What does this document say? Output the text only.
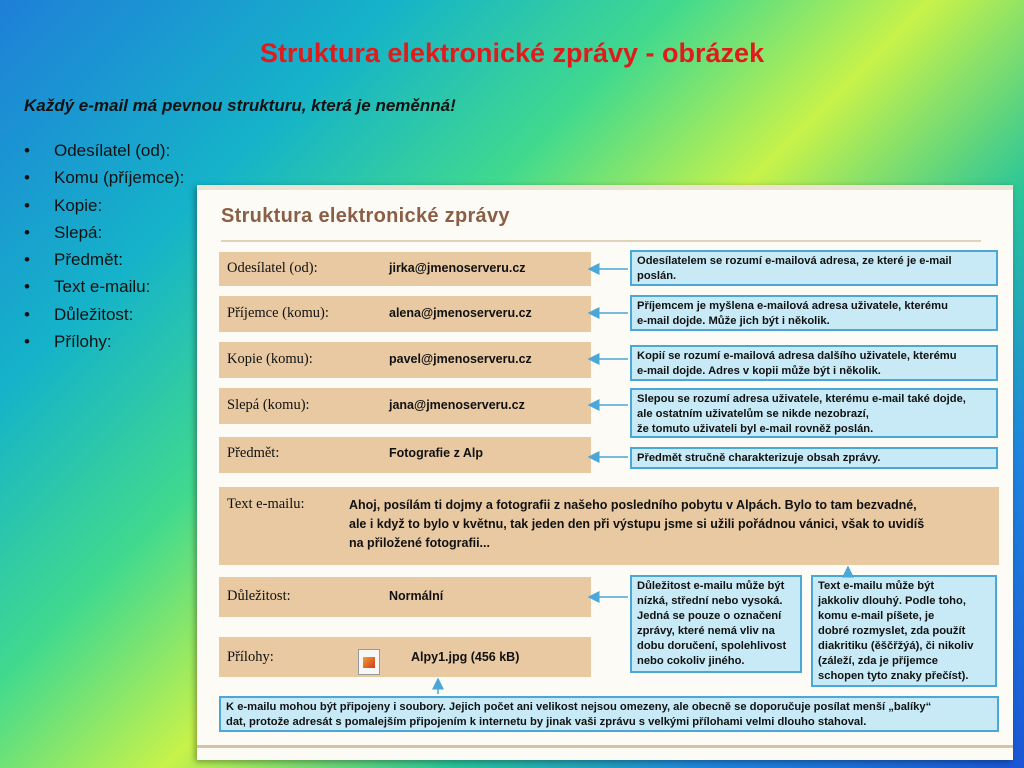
Struktura elektronické zprávy - obrázek
Každý e-mail má pevnou strukturu, která je neměnná!
• Odesílatel (od):
• Komu (příjemce):
• Kopie:
• Slepá:
• Předmět:
• Text e-mailu:
• Důležitost:
• Přílohy:
Struktura elektronické zprávy
Odesílatel (od):	jirka@jmenoserveru.cz
Příjemce (komu):	alena@jmenoserveru.cz
Kopie (komu):	pavel@jmenoserveru.cz
Slepá (komu):	jana@jmenoserveru.cz
Předmět:	Fotografie z Alp
Text e-mailu:	Ahoj, posílám ti dojmy a fotografii z našeho posledního pobytu v Alpách. Bylo to tam bezvadné,
ale i když to bylo v květnu, tak jeden den při výstupu jsme si užili pořádnou vánici, však to uvidíš
na přiložené fotografii...

Důležitost:	Normální
Přílohy:	Alpy1.jpg (456 kB)
Odesílatelem se rozumí e-mailová adresa, ze které je e-mail
poslán.
Příjemcem je myšlena e-mailová adresa uživatele, kterému
e-mail dojde. Může jich být i několik.
Kopií se rozumí e-mailová adresa dalšího uživatele, kterému
e-mail dojde. Adres v kopii může být i několik.
Slepou se rozumí adresa uživatele, kterému e-mail také dojde,
ale ostatním uživatelům se nikde nezobrazí,
že tomuto uživateli byl e-mail rovněž poslán.
Předmět stručně charakterizuje obsah zprávy.
Důležitost e-mailu může být
nízká, střední nebo vysoká.
Jedná se pouze o označení
zprávy, které nemá vliv na
dobu doručení, spolehlivost
nebo cokoliv jiného.
Text e-mailu může být
jakkoliv dlouhý. Podle toho,
komu e-mail píšete, je
dobré rozmyslet, zda použít
diakritiku (ěščřžýá), či nikoliv
(záleží, zda je příjemce
schopen tyto znaky přečíst).
K e-mailu mohou být připojeny i soubory. Jejich počet ani velikost nejsou omezeny, ale obecně se doporučuje posílat menší „balíky“
dat, protože adresát s pomalejším připojením k internetu by jinak vaši zprávu s velkými přílohami velmi dlouho stahoval.
